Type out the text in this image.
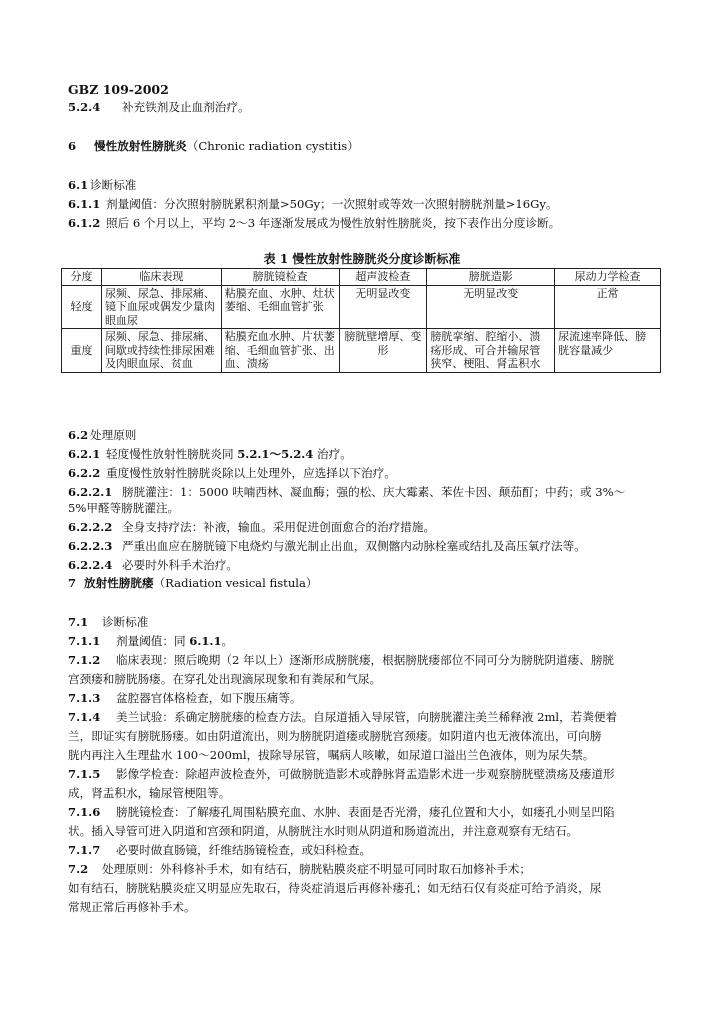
GBZ 109-2002
5.2.4 补充铁剂及止血剂治疗。
6 慢性放射性膀胱炎（Chronic radiation cystitis）
6.1 诊断标准
6.1.1 剂量阈值：分次照射膀胱累积剂量>50Gy；一次照射或等效一次照射膀胱剂量>16Gy。
6.1.2 照后 6 个月以上，平均 2～3 年逐渐发展成为慢性放射性膀胱炎，按下表作出分度诊断。
表 1 慢性放射性膀胱炎分度诊断标准
分度	临床表现	膀胱镜检查	超声波检查	膀胱造影	尿动力学检查
轻度	尿频、尿急、排尿痛、镜下血尿或偶发少量肉眼血尿	粘膜充血、水肿、灶状萎缩、毛细血管扩张	无明显改变	无明显改变	正常
重度	尿频、尿急、排尿痛、间歇或持续性排尿困难及肉眼血尿、贫血	粘膜充血水肿、片状萎缩、毛细血管扩张、出血、溃疡	膀胱壁增厚、变形	膀胱挛缩、腔缩小、溃疡形成、可合并输尿管狭窄、梗阻、肾盂积水	尿流速率降低、膀胱容量减少
6.2 处理原则
6.2.1 轻度慢性放射性膀胱炎同 5.2.1～5.2.4 治疗。
6.2.2 重度慢性放射性膀胱炎除以上处理外，应选择以下治疗。
6.2.2.1 膀胱灌注：1：5000 呋喃西林、凝血酶；强的松、庆大霉素、苯佐卡因、颠茄酊；中药；或 3%～
5%甲醛等膀胱灌注。
6.2.2.2 全身支持疗法：补液，输血。采用促进创面愈合的治疗措施。
6.2.2.3 严重出血应在膀胱镜下电烧灼与激光制止出血，双侧髂内动脉栓塞或结扎及高压氧疗法等。
6.2.2.4 必要时外科手术治疗。
7 放射性膀胱瘘（Radiation vesical fistula）
7.1 诊断标准
7.1.1 剂量阈值：同 6.1.1。
7.1.2 临床表现：照后晚期（2 年以上）逐渐形成膀胱瘘，根据膀胱瘘部位不同可分为膀胱阴道瘘、膀胱
宫颈瘘和膀胱肠瘘。在穿孔处出现滴尿现象和有粪尿和气尿。
7.1.3 盆腔器官体格检查，如下腹压痛等。
7.1.4 美兰试验：系确定膀胱瘘的检查方法。自尿道插入导尿管，向膀胱灌注美兰稀释液 2ml，若粪便着
兰，即证实有膀胱肠瘘。如由阴道流出，则为膀胱阴道瘘或膀胱宫颈瘘。如阴道内也无液体流出，可向膀
胱内再注入生理盐水 100～200ml，拔除导尿管，嘱病人咳嗽，如尿道口溢出兰色液体，则为尿失禁。
7.1.5 影像学检查：除超声波检查外，可做膀胱造影术或静脉肾盂造影术进一步观察膀胱壁溃疡及瘘道形
成，肾盂积水，输尿管梗阻等。
7.1.6 膀胱镜检查：了解瘘孔周围粘膜充血、水肿、表面是否光滑，瘘孔位置和大小，如瘘孔小则呈凹陷
状。插入导管可进入阴道和宫颈和阴道，从膀胱注水时则从阴道和肠道流出，并注意观察有无结石。
7.1.7 必要时做直肠镜，纤维结肠镜检查，或妇科检查。
7.2 处理原则：外科修补手术，如有结石，膀胱粘膜炎症不明显可同时取石加修补手术；
如有结石，膀胱粘膜炎症又明显应先取石，待炎症消退后再修补瘘孔；如无结石仅有炎症可给予消炎，尿
常规正常后再修补手术。
